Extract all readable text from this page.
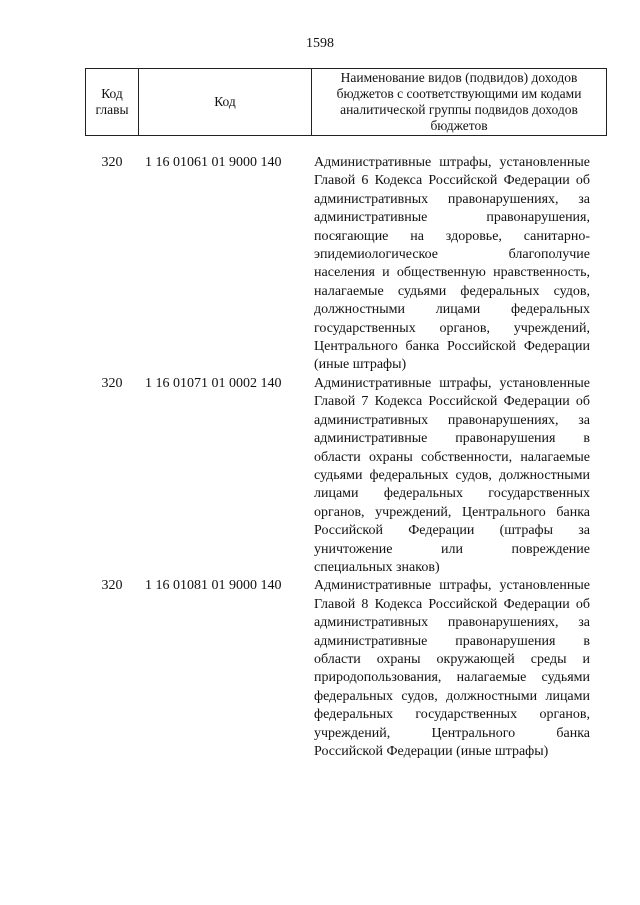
1598
Код главы	Код	Наименование видов (подвидов) доходов бюджетов с соответствующими им кодами аналитической группы подвидов доходов бюджетов
320	1 16 01061 01 9000 140	Административные штрафы, установленные
Главой 6 Кодекса Российской Федерации об
административных правонарушениях, за
административные правонарушения,
посягающие на здоровье, санитарно-
эпидемиологическое благополучие
населения и общественную нравственность,
налагаемые судьями федеральных судов,
должностными лицами федеральных
государственных органов, учреждений,
Центрального банка Российской Федерации
(иные штрафы)
320	1 16 01071 01 0002 140	Административные штрафы, установленные
Главой 7 Кодекса Российской Федерации об
административных правонарушениях, за
административные правонарушения в
области охраны собственности, налагаемые
судьями федеральных судов, должностными
лицами федеральных государственных
органов, учреждений, Центрального банка
Российской Федерации (штрафы за
уничтожение или повреждение
специальных знаков)
320	1 16 01081 01 9000 140	Административные штрафы, установленные
Главой 8 Кодекса Российской Федерации об
административных правонарушениях, за
административные правонарушения в
области охраны окружающей среды и
природопользования, налагаемые судьями
федеральных судов, должностными лицами
федеральных государственных органов,
учреждений, Центрального банка
Российской Федерации (иные штрафы)
